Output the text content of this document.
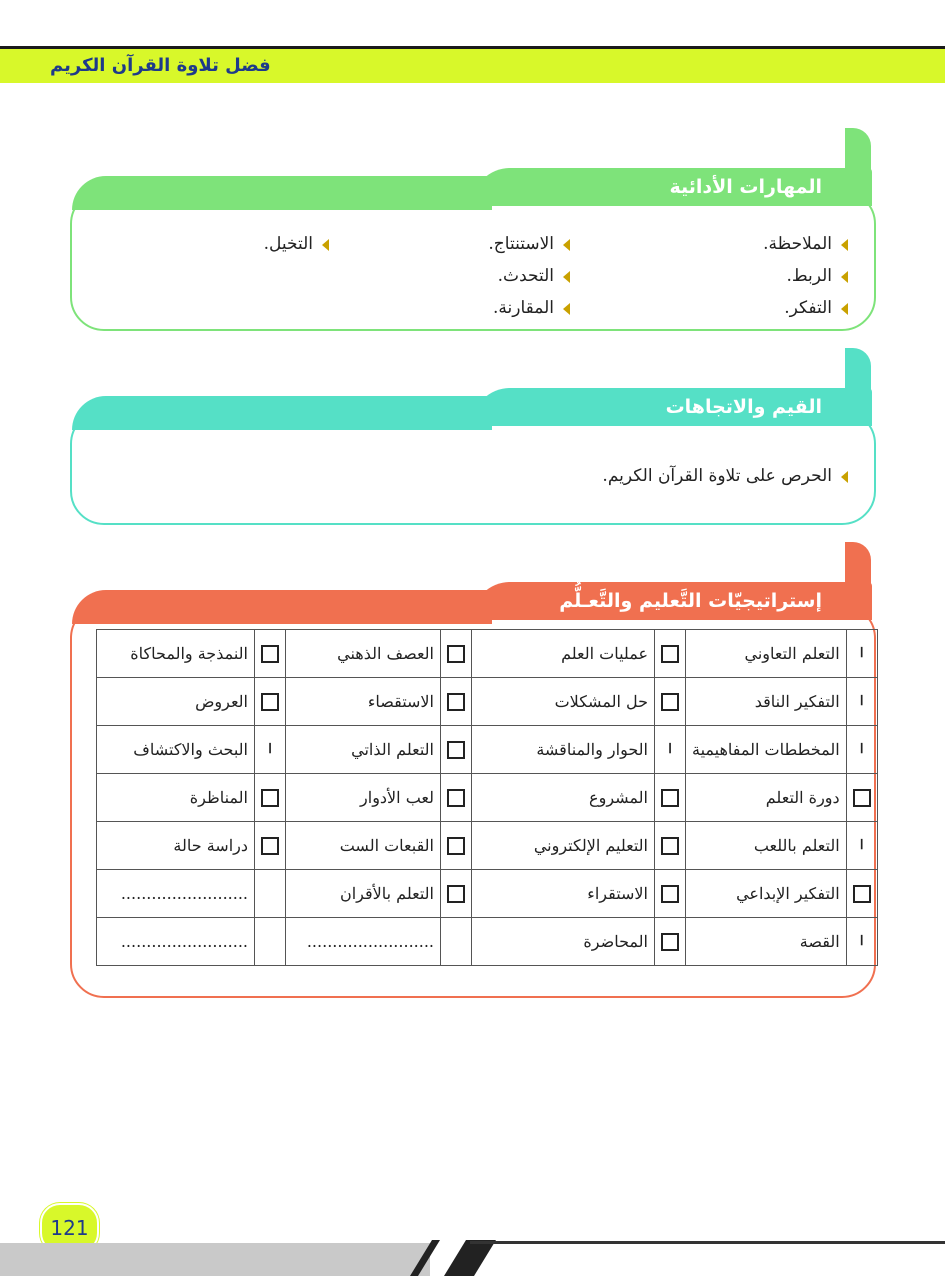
فضل تلاوة القرآن الكريم
الملاحظة.
الاستنتاج.
التخيل.
الربط.
التحدث.
التفكر.
المقارنة.
المهارات الأدائية
الحرص على تلاوة القرآن الكريم.
القيم والاتجاهات
إستراتيجيّات التَّعليم والتَّعـلُّم
ا	التعلم التعاوني		عمليات العلم		العصف الذهني		النمذجة والمحاكاة
ا	التفكير الناقد		حل المشكلات		الاستقصاء		العروض
ا	المخططات المفاهيمية	ا	الحوار والمناقشة		التعلم الذاتي	ا	البحث والاكتشاف
	دورة التعلم		المشروع		لعب الأدوار		المناظرة
ا	التعلم باللعب		التعليم الإلكتروني		القبعات الست		دراسة حالة
	التفكير الإبداعي		الاستقراء		التعلم بالأقران		.........................
ا	القصة		المحاضرة		.........................		.........................
121
